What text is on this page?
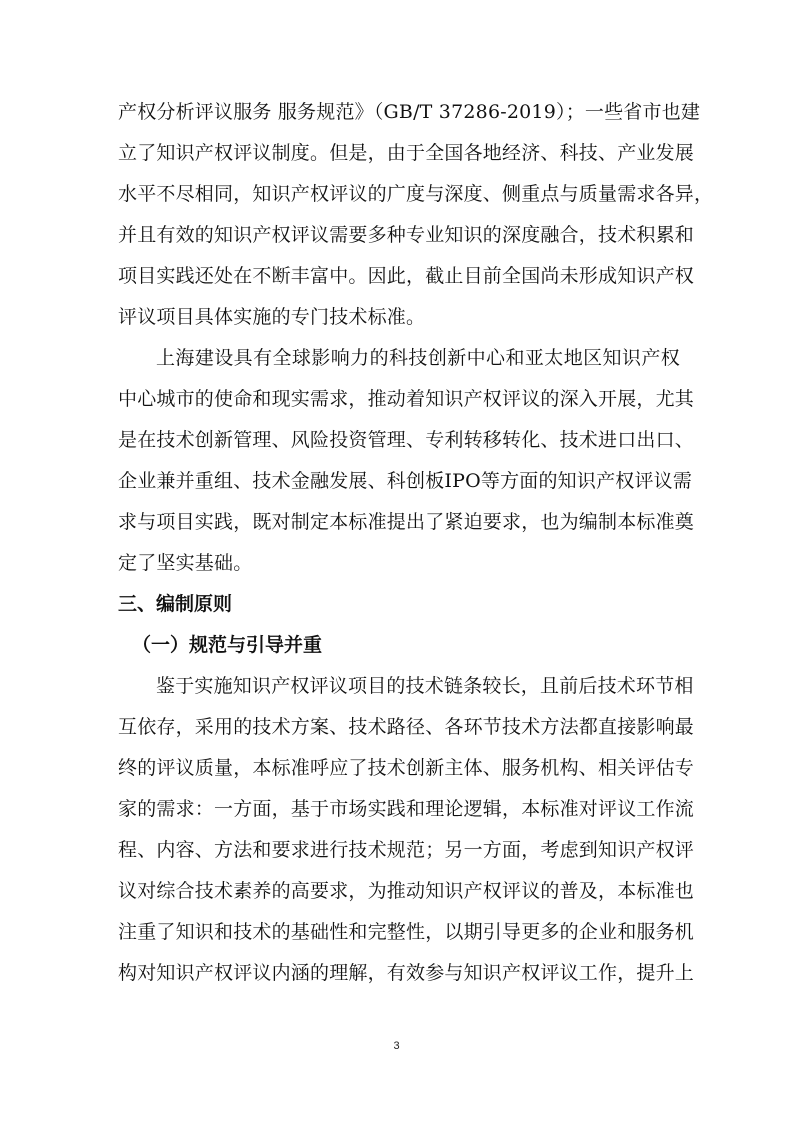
产权分析评议服务 服务规范》（GB/T 37286-2019）；一些省市也建
立了知识产权评议制度。但是，由于全国各地经济、科技、产业发展
水平不尽相同，知识产权评议的广度与深度、侧重点与质量需求各异，
并且有效的知识产权评议需要多种专业知识的深度融合，技术积累和
项目实践还处在不断丰富中。因此，截止目前全国尚未形成知识产权
评议项目具体实施的专门技术标准。
上海建设具有全球影响力的科技创新中心和亚太地区知识产权
中心城市的使命和现实需求，推动着知识产权评议的深入开展，尤其
是在技术创新管理、风险投资管理、专利转移转化、技术进口出口、
企业兼并重组、技术金融发展、科创板IPO等方面的知识产权评议需
求与项目实践，既对制定本标准提出了紧迫要求，也为编制本标准奠
定了坚实基础。
三、编制原则
（一）规范与引导并重
鉴于实施知识产权评议项目的技术链条较长，且前后技术环节相
互依存，采用的技术方案、技术路径、各环节技术方法都直接影响最
终的评议质量，本标准呼应了技术创新主体、服务机构、相关评估专
家的需求：一方面，基于市场实践和理论逻辑，本标准对评议工作流
程、内容、方法和要求进行技术规范；另一方面，考虑到知识产权评
议对综合技术素养的高要求，为推动知识产权评议的普及，本标准也
注重了知识和技术的基础性和完整性，以期引导更多的企业和服务机
构对知识产权评议内涵的理解，有效参与知识产权评议工作，提升上
3
